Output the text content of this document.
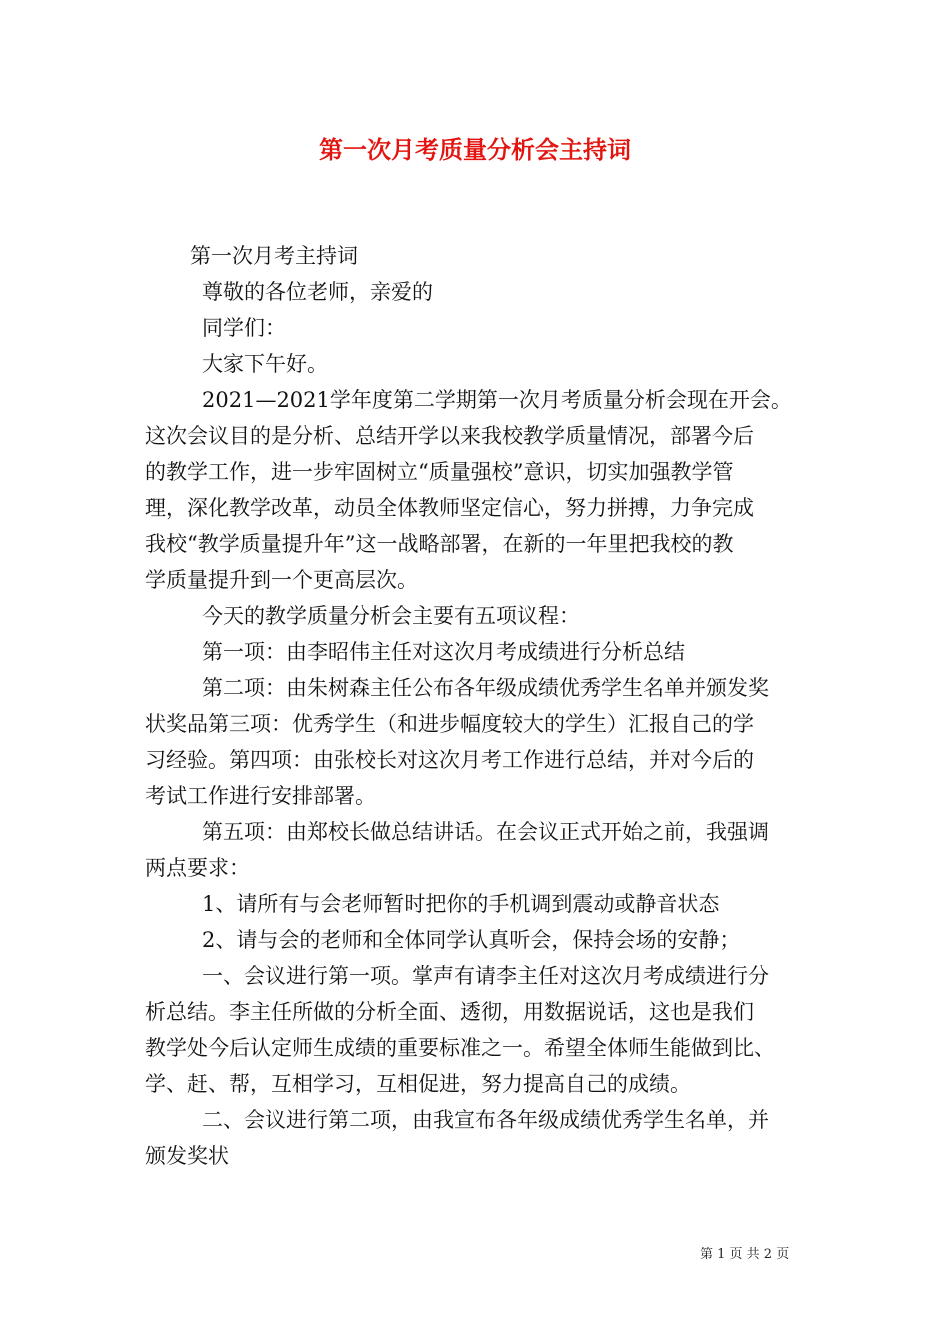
第一次月考质量分析会主持词

第一次月考主持词

尊敬的各位老师，亲爱的

同学们：

大家下午好。

2021—2021学年度第二学期第一次月考质量分析会现在开会。

这次会议目的是分析、总结开学以来我校教学质量情况，部署今后

的教学工作，进一步牢固树立“质量强校”意识，切实加强教学管

理，深化教学改革，动员全体教师坚定信心，努力拼搏，力争完成

我校“教学质量提升年”这一战略部署，在新的一年里把我校的教

学质量提升到一个更高层次。

今天的教学质量分析会主要有五项议程：

第一项：由李昭伟主任对这次月考成绩进行分析总结

第二项：由朱树森主任公布各年级成绩优秀学生名单并颁发奖

状奖品第三项：优秀学生（和进步幅度较大的学生）汇报自己的学

习经验。第四项：由张校长对这次月考工作进行总结，并对今后的

考试工作进行安排部署。

第五项：由郑校长做总结讲话。在会议正式开始之前，我强调

两点要求：

1、请所有与会老师暂时把你的手机调到震动或静音状态

2、请与会的老师和全体同学认真听会，保持会场的安静；

一、会议进行第一项。掌声有请李主任对这次月考成绩进行分

析总结。李主任所做的分析全面、透彻，用数据说话，这也是我们

教学处今后认定师生成绩的重要标准之一。希望全体师生能做到比、

学、赶、帮，互相学习，互相促进，努力提高自己的成绩。

二、会议进行第二项，由我宣布各年级成绩优秀学生名单，并

颁发奖状

第 1 页 共 2 页
